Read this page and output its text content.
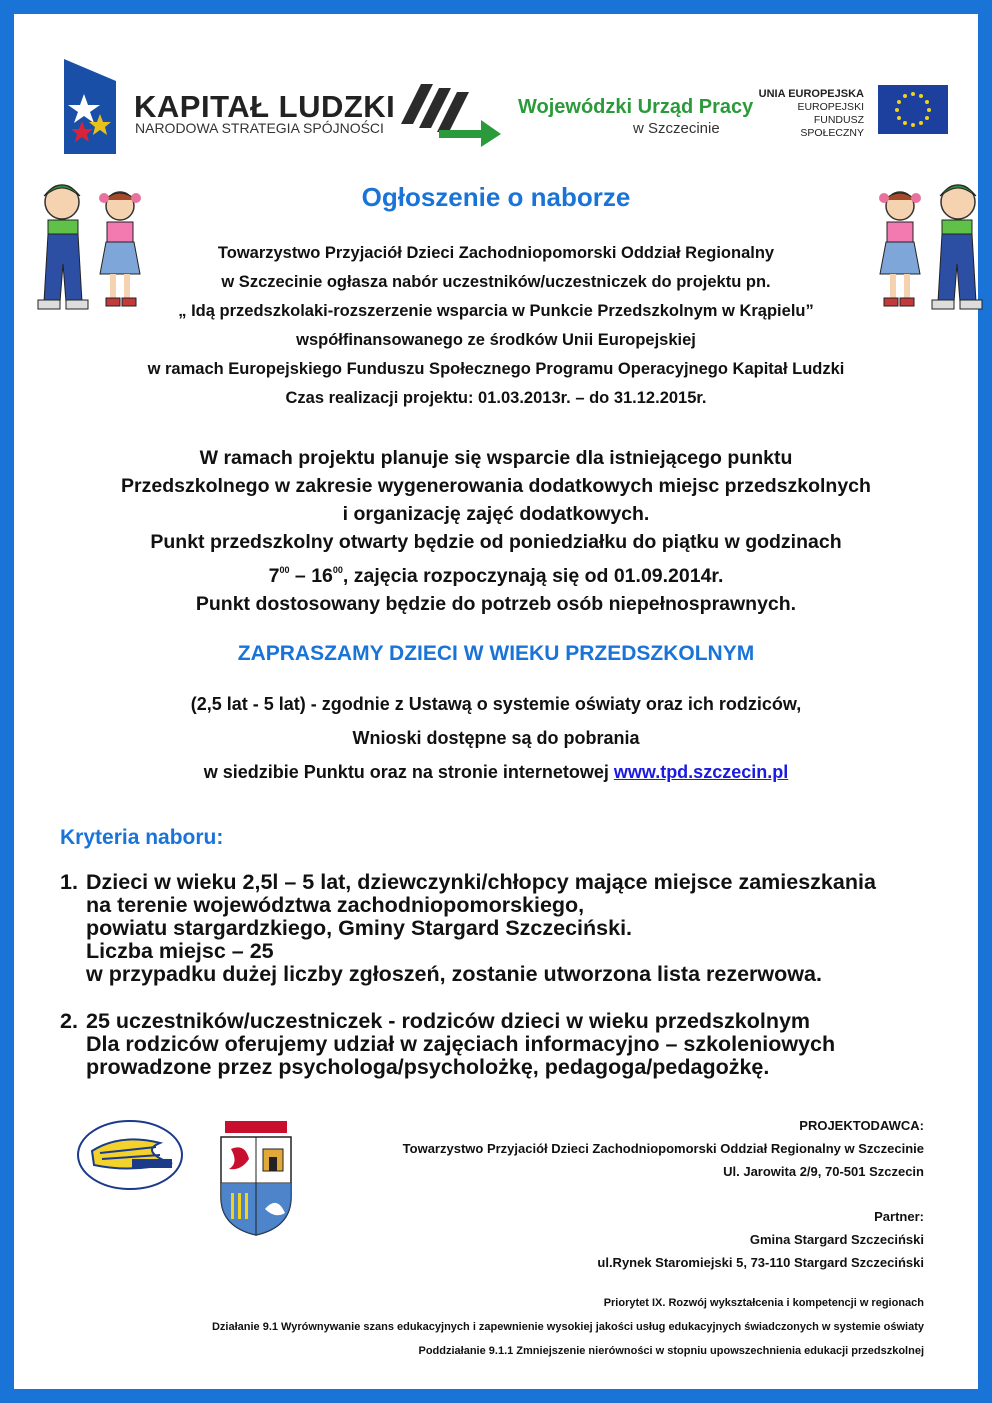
KAPITAŁ LUDZKI
NARODOWA STRATEGIA SPÓJNOŚCI
Wojewódzki Urząd Pracy
w Szczecinie
UNIA EUROPEJSKA
EUROPEJSKI
FUNDUSZ SPOŁECZNY
Ogłoszenie o naborze
Towarzystwo Przyjaciół Dzieci Zachodniopomorski Oddział Regionalny
w Szczecinie ogłasza nabór uczestników/uczestniczek do projektu pn.
„ Idą przedszkolaki-rozszerzenie wsparcia w Punkcie Przedszkolnym w Krąpielu”
współfinansowanego ze środków Unii Europejskiej
w ramach Europejskiego Funduszu Społecznego Programu Operacyjnego Kapitał Ludzki
Czas realizacji projektu: 01.03.2013r. – do 31.12.2015r.
W ramach projektu planuje się wsparcie dla istniejącego punktu
Przedszkolnego w zakresie wygenerowania dodatkowych miejsc przedszkolnych
i organizację zajęć dodatkowych.
Punkt przedszkolny otwarty będzie od poniedziałku do piątku w godzinach
$7^{00} - 16^{00}$, zajęcia rozpoczynają się od 01.09.2014r.
Punkt dostosowany będzie do potrzeb osób niepełnosprawnych.
ZAPRASZAMY DZIECI W WIEKU PRZEDSZKOLNYM
(2,5 lat - 5 lat) - zgodnie z Ustawą o systemie oświaty oraz ich rodziców,
Wnioski dostępne są do pobrania
w siedzibie Punktu oraz na stronie internetowej www.tpd.szczecin.pl
Kryteria naboru:
1. Dzieci w wieku 2,5l – 5 lat, dziewczynki/chłopcy mające miejsce zamieszkania
na terenie województwa zachodniopomorskiego,
powiatu stargardzkiego, Gminy Stargard Szczeciński.
Liczba miejsc – 25
w przypadku dużej liczby zgłoszeń, zostanie utworzona lista rezerwowa.
2. 25 uczestników/uczestniczek - rodziców dzieci w wieku przedszkolnym
Dla rodziców oferujemy udział w zajęciach informacyjno – szkoleniowych
prowadzone przez psychologa/psycholożkę, pedagoga/pedagożkę.
PROJEKTODAWCA:
Towarzystwo Przyjaciół Dzieci Zachodniopomorski Oddział Regionalny w Szczecinie
Ul. Jarowita 2/9, 70-501 Szczecin
Partner:
Gmina Stargard Szczeciński
ul.Rynek Staromiejski 5, 73-110 Stargard Szczeciński
Priorytet IX. Rozwój wykształcenia i kompetencji w regionach
Działanie 9.1 Wyrównywanie szans edukacyjnych i zapewnienie wysokiej jakości usług edukacyjnych świadczonych w systemie oświaty
Poddziałanie 9.1.1 Zmniejszenie nierówności w stopniu upowszechnienia edukacji przedszkolnej
